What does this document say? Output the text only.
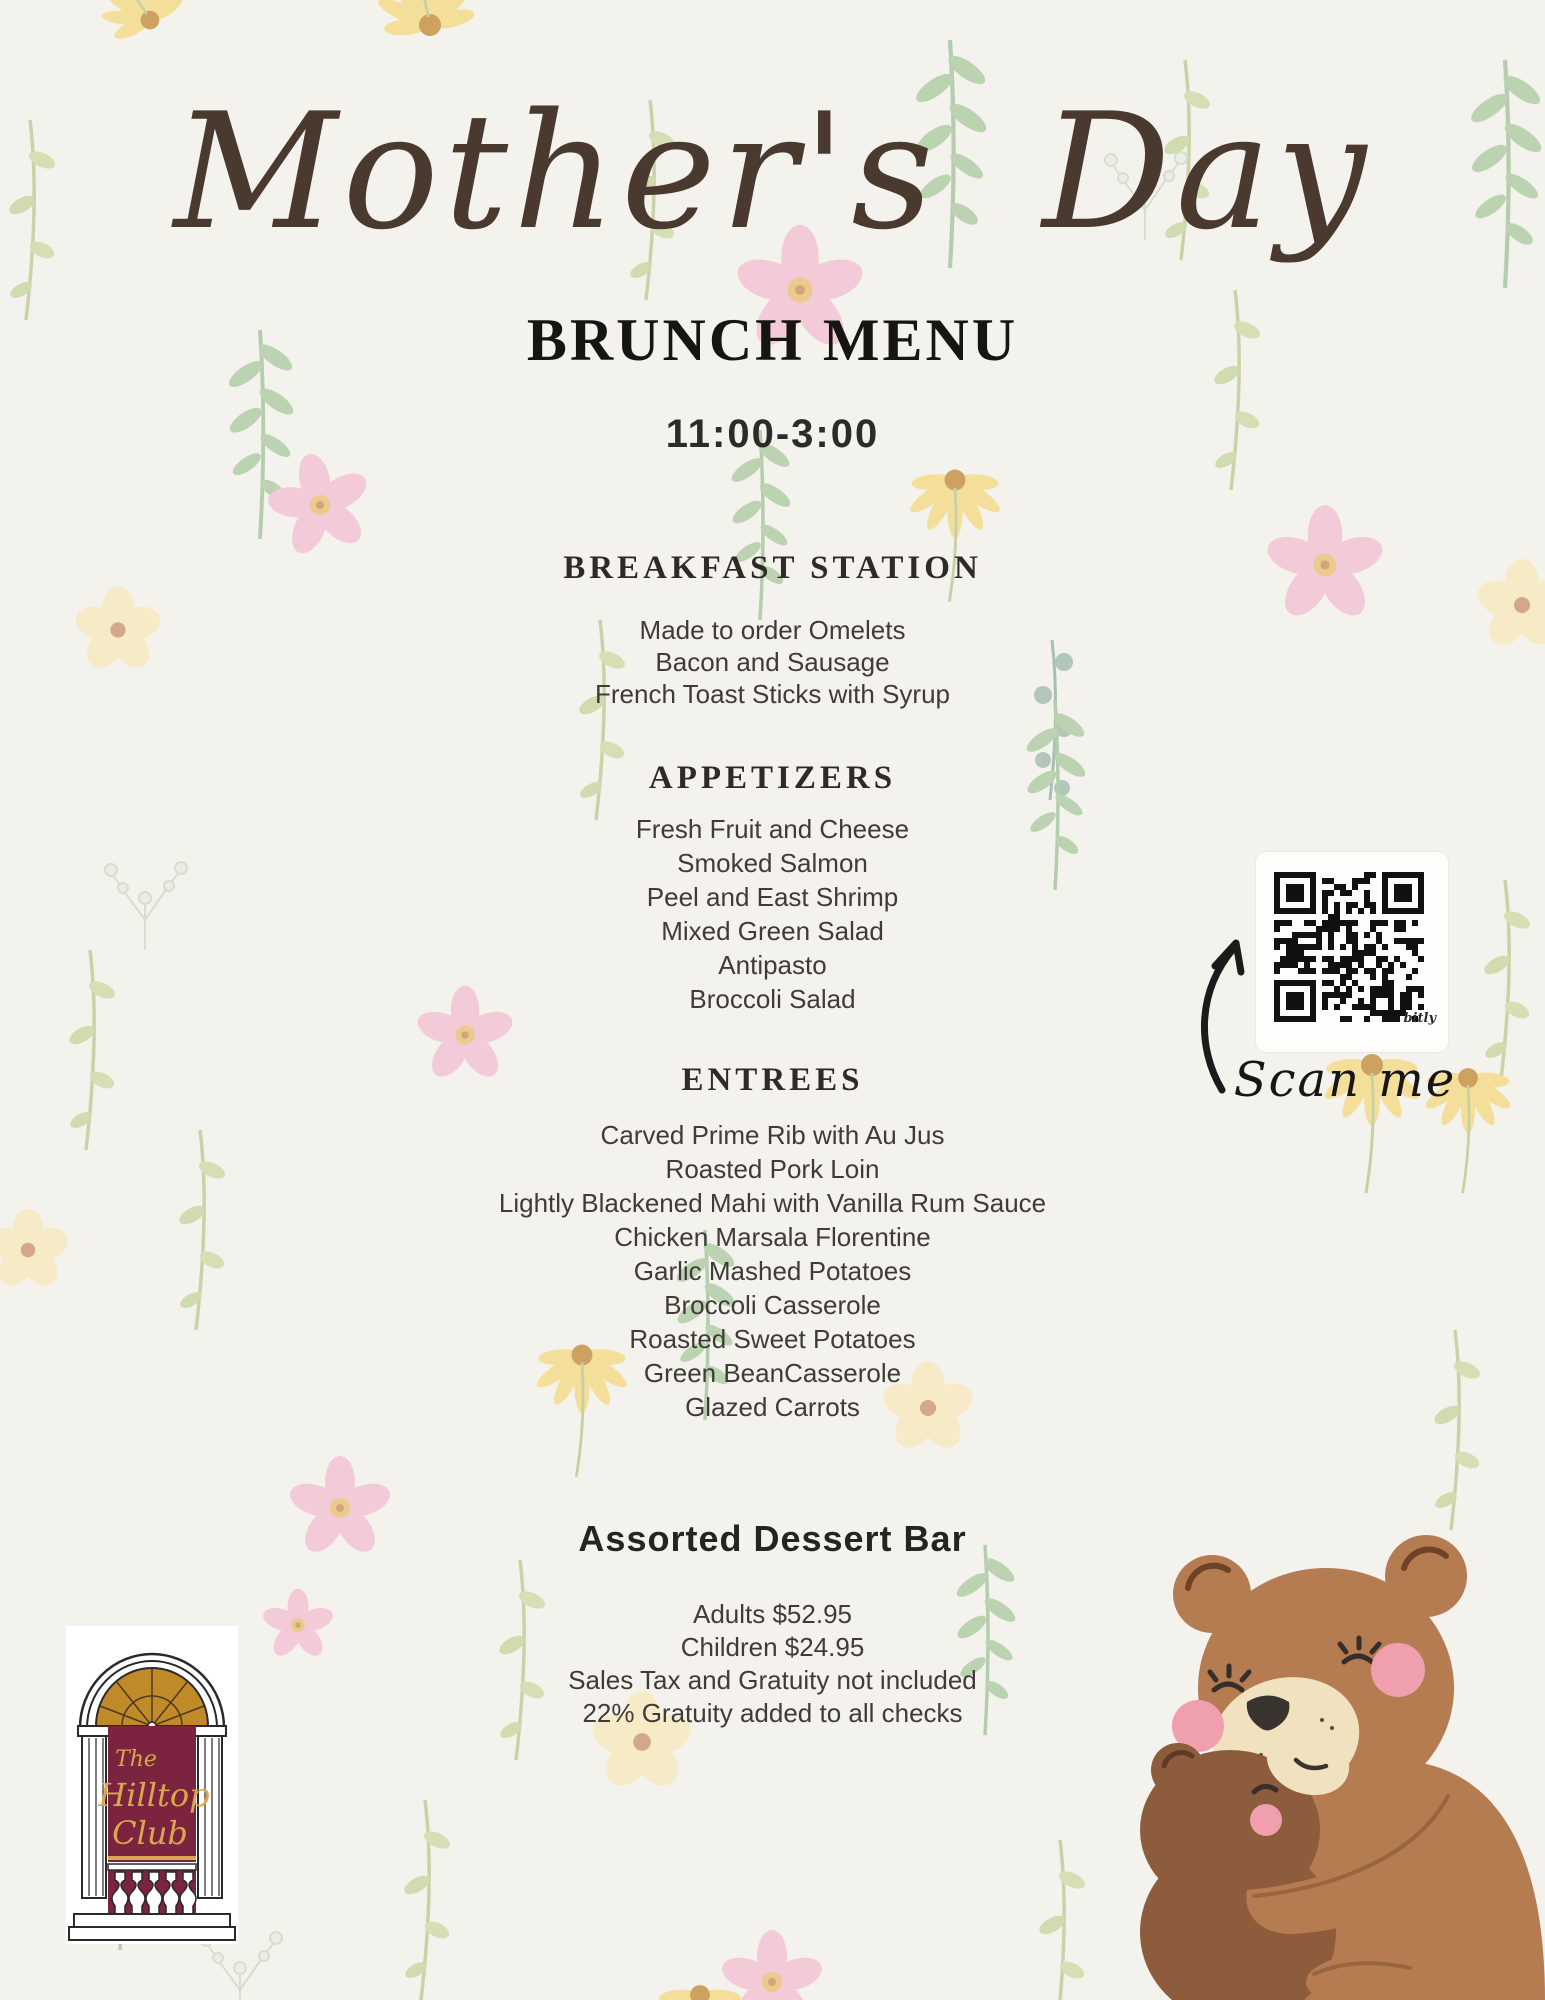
Mother's Day
BRUNCH MENU
11:00-3:00
BREAKFAST STATION
Made to order Omelets
Bacon and Sausage
French Toast Sticks with Syrup
APPETIZERS
Fresh Fruit and Cheese
Smoked Salmon
Peel and East Shrimp
Mixed Green Salad
Antipasto
Broccoli Salad
ENTREES
Carved Prime Rib with Au Jus
Roasted Pork Loin
Lightly Blackened Mahi with Vanilla Rum Sauce
Chicken Marsala Florentine
Garlic Mashed Potatoes
Broccoli Casserole
Roasted Sweet Potatoes
Green BeanCasserole
Glazed Carrots
Assorted Dessert Bar
Adults $52.95
Children $24.95
Sales Tax and Gratuity not included
22% Gratuity added to all checks
bitly
Scan me
The
Hilltop
Club
